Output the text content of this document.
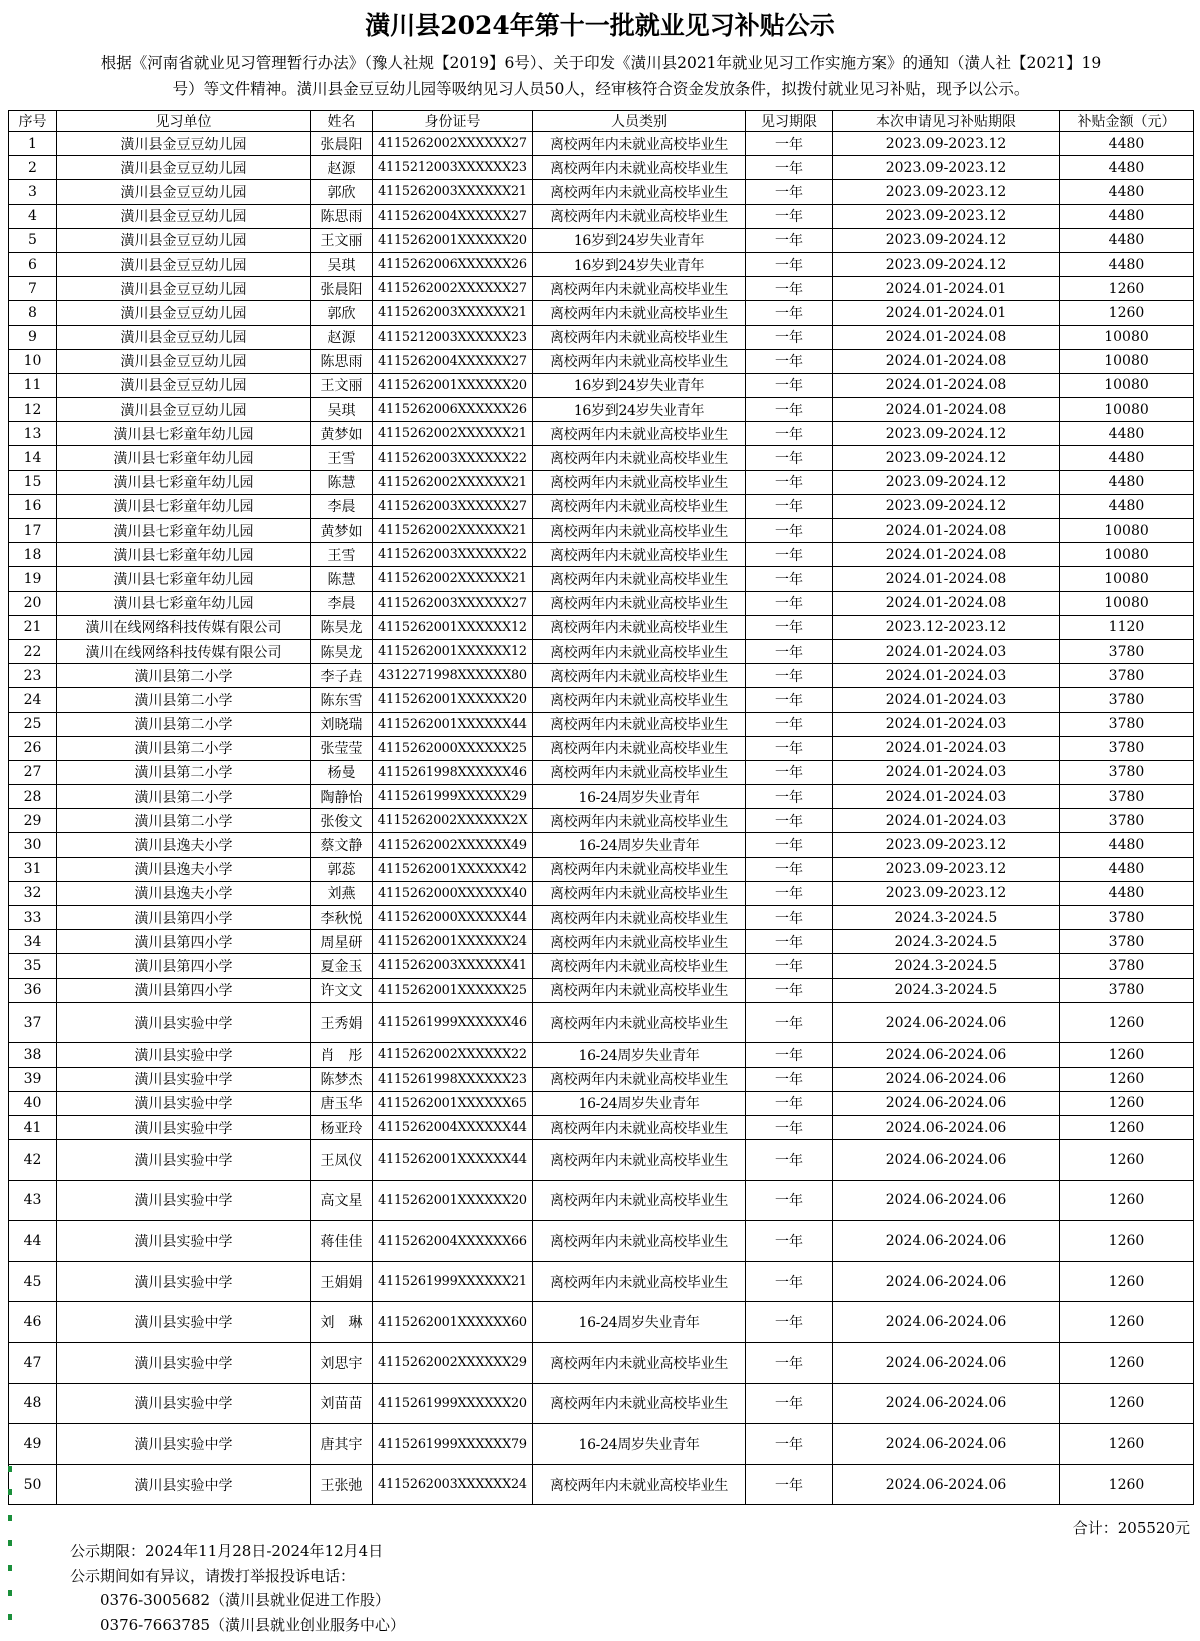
潢川县2024年第十一批就业见习补贴公示
根据《河南省就业见习管理暂行办法》（豫人社规【2019】6号）、关于印发《潢川县2021年就业见习工作实施方案》的通知（潢人社【2021】19
号）等文件精神。潢川县金豆豆幼儿园等吸纳见习人员50人，经审核符合资金发放条件，拟拨付就业见习补贴，现予以公示。
序号	见习单位	姓名	身份证号	人员类别	见习期限	本次申请见习补贴期限	补贴金额（元）
1	潢川县金豆豆幼儿园	张晨阳	4115262002XXXXXX27	离校两年内未就业高校毕业生	一年	2023.09-2023.12	4480
2	潢川县金豆豆幼儿园	赵源	4115212003XXXXXX23	离校两年内未就业高校毕业生	一年	2023.09-2023.12	4480
3	潢川县金豆豆幼儿园	郭欣	4115262003XXXXXX21	离校两年内未就业高校毕业生	一年	2023.09-2023.12	4480
4	潢川县金豆豆幼儿园	陈思雨	4115262004XXXXXX27	离校两年内未就业高校毕业生	一年	2023.09-2023.12	4480
5	潢川县金豆豆幼儿园	王文丽	4115262001XXXXXX20	16岁到24岁失业青年	一年	2023.09-2024.12	4480
6	潢川县金豆豆幼儿园	吴琪	4115262006XXXXXX26	16岁到24岁失业青年	一年	2023.09-2024.12	4480
7	潢川县金豆豆幼儿园	张晨阳	4115262002XXXXXX27	离校两年内未就业高校毕业生	一年	2024.01-2024.01	1260
8	潢川县金豆豆幼儿园	郭欣	4115262003XXXXXX21	离校两年内未就业高校毕业生	一年	2024.01-2024.01	1260
9	潢川县金豆豆幼儿园	赵源	4115212003XXXXXX23	离校两年内未就业高校毕业生	一年	2024.01-2024.08	10080
10	潢川县金豆豆幼儿园	陈思雨	4115262004XXXXXX27	离校两年内未就业高校毕业生	一年	2024.01-2024.08	10080
11	潢川县金豆豆幼儿园	王文丽	4115262001XXXXXX20	16岁到24岁失业青年	一年	2024.01-2024.08	10080
12	潢川县金豆豆幼儿园	吴琪	4115262006XXXXXX26	16岁到24岁失业青年	一年	2024.01-2024.08	10080
13	潢川县七彩童年幼儿园	黄梦如	4115262002XXXXXX21	离校两年内未就业高校毕业生	一年	2023.09-2024.12	4480
14	潢川县七彩童年幼儿园	王雪	4115262003XXXXXX22	离校两年内未就业高校毕业生	一年	2023.09-2024.12	4480
15	潢川县七彩童年幼儿园	陈慧	4115262002XXXXXX21	离校两年内未就业高校毕业生	一年	2023.09-2024.12	4480
16	潢川县七彩童年幼儿园	李晨	4115262003XXXXXX27	离校两年内未就业高校毕业生	一年	2023.09-2024.12	4480
17	潢川县七彩童年幼儿园	黄梦如	4115262002XXXXXX21	离校两年内未就业高校毕业生	一年	2024.01-2024.08	10080
18	潢川县七彩童年幼儿园	王雪	4115262003XXXXXX22	离校两年内未就业高校毕业生	一年	2024.01-2024.08	10080
19	潢川县七彩童年幼儿园	陈慧	4115262002XXXXXX21	离校两年内未就业高校毕业生	一年	2024.01-2024.08	10080
20	潢川县七彩童年幼儿园	李晨	4115262003XXXXXX27	离校两年内未就业高校毕业生	一年	2024.01-2024.08	10080
21	潢川在线网络科技传媒有限公司	陈昊龙	4115262001XXXXXX12	离校两年内未就业高校毕业生	一年	2023.12-2023.12	1120
22	潢川在线网络科技传媒有限公司	陈昊龙	4115262001XXXXXX12	离校两年内未就业高校毕业生	一年	2024.01-2024.03	3780
23	潢川县第二小学	李子垚	4312271998XXXXXX80	离校两年内未就业高校毕业生	一年	2024.01-2024.03	3780
24	潢川县第二小学	陈东雪	4115262001XXXXXX20	离校两年内未就业高校毕业生	一年	2024.01-2024.03	3780
25	潢川县第二小学	刘晓瑞	4115262001XXXXXX44	离校两年内未就业高校毕业生	一年	2024.01-2024.03	3780
26	潢川县第二小学	张莹莹	4115262000XXXXXX25	离校两年内未就业高校毕业生	一年	2024.01-2024.03	3780
27	潢川县第二小学	杨曼	4115261998XXXXXX46	离校两年内未就业高校毕业生	一年	2024.01-2024.03	3780
28	潢川县第二小学	陶静怡	4115261999XXXXXX29	16-24周岁失业青年	一年	2024.01-2024.03	3780
29	潢川县第二小学	张俊文	4115262002XXXXXX2X	离校两年内未就业高校毕业生	一年	2024.01-2024.03	3780
30	潢川县逸夫小学	蔡文静	4115262002XXXXXX49	16-24周岁失业青年	一年	2023.09-2023.12	4480
31	潢川县逸夫小学	郭蕊	4115262001XXXXXX42	离校两年内未就业高校毕业生	一年	2023.09-2023.12	4480
32	潢川县逸夫小学	刘燕	4115262000XXXXXX40	离校两年内未就业高校毕业生	一年	2023.09-2023.12	4480
33	潢川县第四小学	李秋悦	4115262000XXXXXX44	离校两年内未就业高校毕业生	一年	2024.3-2024.5	3780
34	潢川县第四小学	周星研	4115262001XXXXXX24	离校两年内未就业高校毕业生	一年	2024.3-2024.5	3780
35	潢川县第四小学	夏金玉	4115262003XXXXXX41	离校两年内未就业高校毕业生	一年	2024.3-2024.5	3780
36	潢川县第四小学	许文文	4115262001XXXXXX25	离校两年内未就业高校毕业生	一年	2024.3-2024.5	3780
37	潢川县实验中学	王秀娟	4115261999XXXXXX46	离校两年内未就业高校毕业生	一年	2024.06-2024.06	1260
38	潢川县实验中学	肖　彤	4115262002XXXXXX22	16-24周岁失业青年	一年	2024.06-2024.06	1260
39	潢川县实验中学	陈梦杰	4115261998XXXXXX23	离校两年内未就业高校毕业生	一年	2024.06-2024.06	1260
40	潢川县实验中学	唐玉华	4115262001XXXXXX65	16-24周岁失业青年	一年	2024.06-2024.06	1260
41	潢川县实验中学	杨亚玲	4115262004XXXXXX44	离校两年内未就业高校毕业生	一年	2024.06-2024.06	1260
42	潢川县实验中学	王凤仪	4115262001XXXXXX44	离校两年内未就业高校毕业生	一年	2024.06-2024.06	1260
43	潢川县实验中学	高文星	4115262001XXXXXX20	离校两年内未就业高校毕业生	一年	2024.06-2024.06	1260
44	潢川县实验中学	蒋佳佳	4115262004XXXXXX66	离校两年内未就业高校毕业生	一年	2024.06-2024.06	1260
45	潢川县实验中学	王娟娟	4115261999XXXXXX21	离校两年内未就业高校毕业生	一年	2024.06-2024.06	1260
46	潢川县实验中学	刘　琳	4115262001XXXXXX60	16-24周岁失业青年	一年	2024.06-2024.06	1260
47	潢川县实验中学	刘思宇	4115262002XXXXXX29	离校两年内未就业高校毕业生	一年	2024.06-2024.06	1260
48	潢川县实验中学	刘苗苗	4115261999XXXXXX20	离校两年内未就业高校毕业生	一年	2024.06-2024.06	1260
49	潢川县实验中学	唐其宇	4115261999XXXXXX79	16-24周岁失业青年	一年	2024.06-2024.06	1260
50	潢川县实验中学	王张弛	4115262003XXXXXX24	离校两年内未就业高校毕业生	一年	2024.06-2024.06	1260
合计：205520元
公示期限：2024年11月28日-2024年12月4日
公示期间如有异议，请拨打举报投诉电话：
0376-3005682（潢川县就业促进工作股）
0376-7663785（潢川县就业创业服务中心）
